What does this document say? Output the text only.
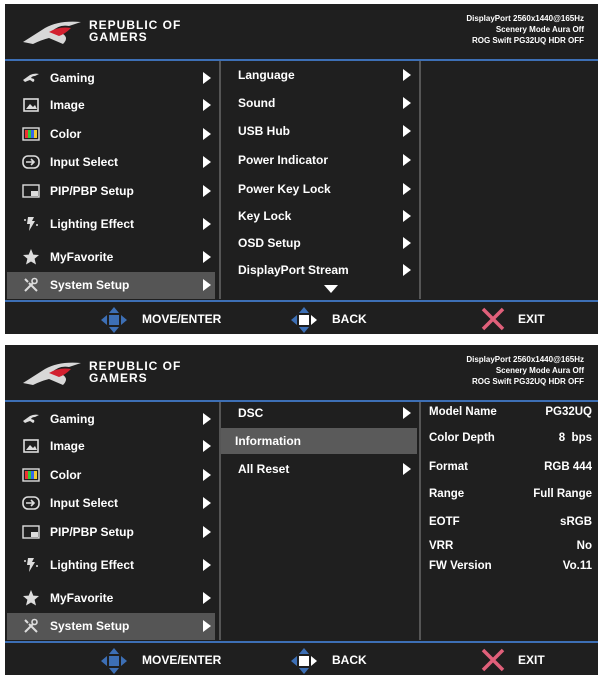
REPUBLIC OF
GAMERS
DisplayPort 2560x1440@165Hz
Scenery Mode Aura Off
ROG Swift PG32UQ HDR OFF
Gaming
Image
Color
Input Select
PIP/PBP Setup
Lighting Effect
MyFavorite
System Setup
Language
Sound
USB Hub
Power Indicator
Power Key Lock
Key Lock
OSD Setup
DisplayPort Stream
MOVE/ENTER	BACK	EXIT
REPUBLIC OF
GAMERS
DisplayPort 2560x1440@165Hz
Scenery Mode Aura Off
ROG Swift PG32UQ HDR OFF
Gaming
Image
Color
Input Select
PIP/PBP Setup
Lighting Effect
MyFavorite
System Setup
DSC
Information
All Reset
Model Name	PG32UQ
Color Depth	8  bps
Format	RGB 444
Range	Full Range
EOTF	sRGB
VRR	No
FW Version	Vo.11
MOVE/ENTER	BACK	EXIT
